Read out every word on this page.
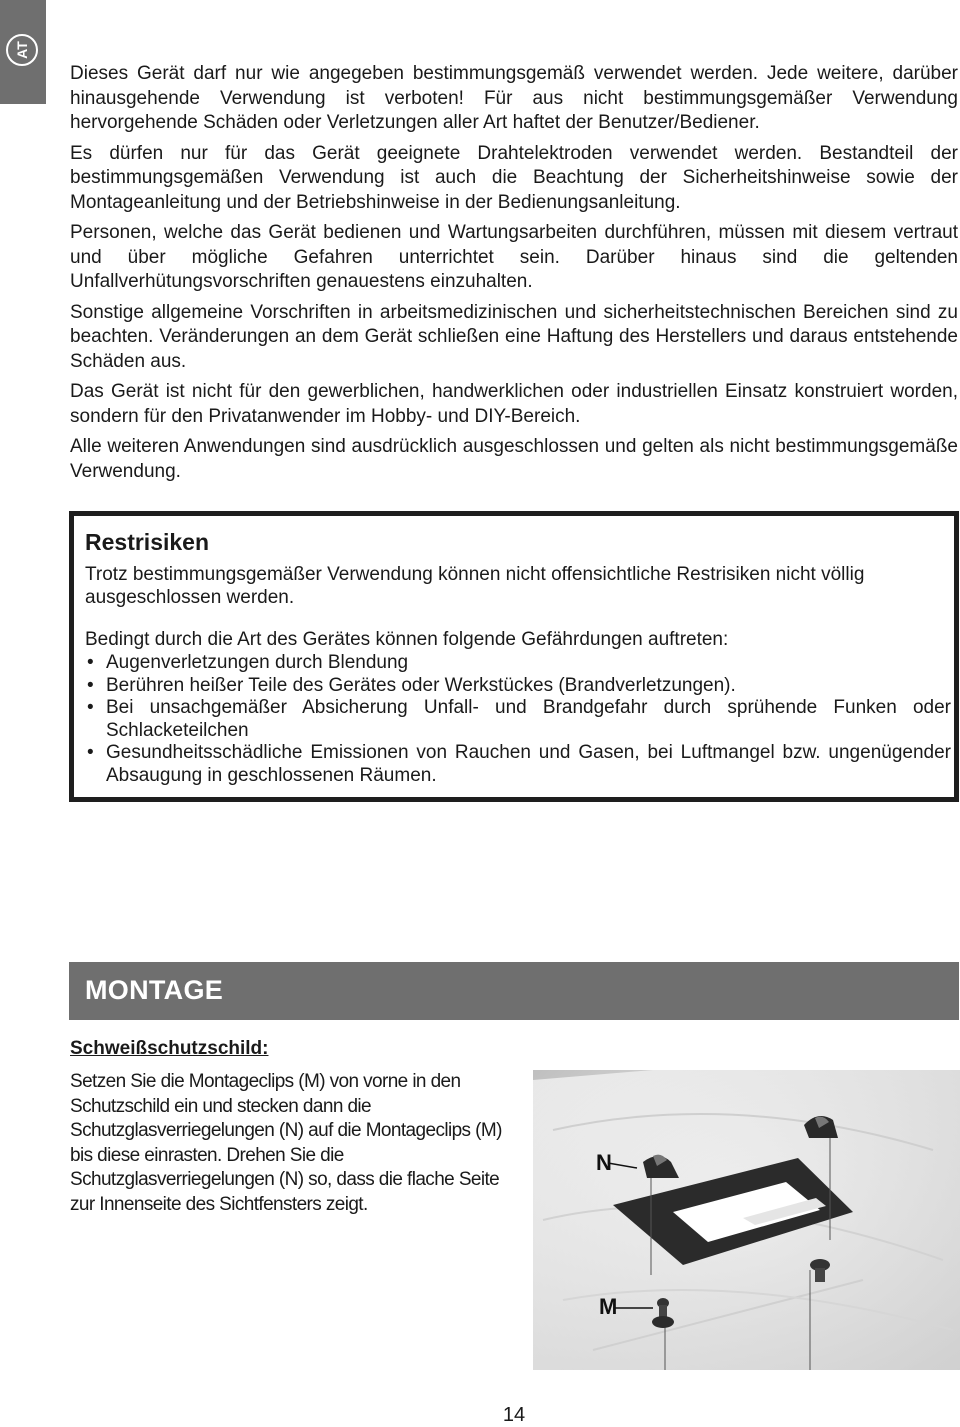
AT

Dieses Gerät darf nur wie angegeben bestimmungsgemäß verwendet werden. Jede weitere, darüber hinausgehende Verwendung ist verboten! Für aus nicht bestimmungsgemäßer Verwendung hervorgehende Schäden oder Verletzungen aller Art haftet der Benutzer/Bediener.

Es dürfen nur für das Gerät geeignete Drahtelektroden verwendet werden. Bestandteil der bestimmungsgemäßen Verwendung ist auch die Beachtung der Sicherheitshinweise sowie der Montageanleitung und der Betriebshinweise in der Bedienungsanleitung.

Personen, welche das Gerät bedienen und Wartungsarbeiten durchführen, müssen mit diesem vertraut und über mögliche Gefahren unterrichtet sein. Darüber hinaus sind die geltenden Unfallverhütungsvorschriften genauestens einzuhalten.

Sonstige allgemeine Vorschriften in arbeitsmedizinischen und sicherheitstechnischen Bereichen sind zu beachten. Veränderungen an dem Gerät schließen eine Haftung des Herstellers und daraus entstehende Schäden aus.

Das Gerät ist nicht für den gewerblichen, handwerklichen oder industriellen Einsatz konstruiert worden, sondern für den Privatanwender im Hobby- und DIY-Bereich.

Alle weiteren Anwendungen sind ausdrücklich ausgeschlossen und gelten als nicht bestimmungsgemäße Verwendung.

Restrisiken
Trotz bestimmungsgemäßer Verwendung können nicht offensichtliche Restrisiken nicht völlig ausgeschlossen werden.
Bedingt durch die Art des Gerätes können folgende Gefährdungen auftreten:
• Augenverletzungen durch Blendung
• Berühren heißer Teile des Gerätes oder Werkstückes (Brandverletzungen).
• Bei unsachgemäßer Absicherung Unfall- und Brandgefahr durch sprühende Funken oder Schlacketeilchen
• Gesundheitsschädliche Emissionen von Rauchen und Gasen, bei Luftmangel bzw. ungenügender Absaugung in geschlossenen Räumen.
MONTAGE
Schweißschutzschild:
Setzen Sie die Montageclips (M) von vorne in den Schutzschild ein und stecken dann die Schutzglasverriegelungen (N) auf die Montageclips (M) bis diese einrasten. Drehen Sie die Schutzglasverriegelungen (N) so, dass die flache Seite zur Innenseite des Sichtfensters zeigt.
N
M
14
